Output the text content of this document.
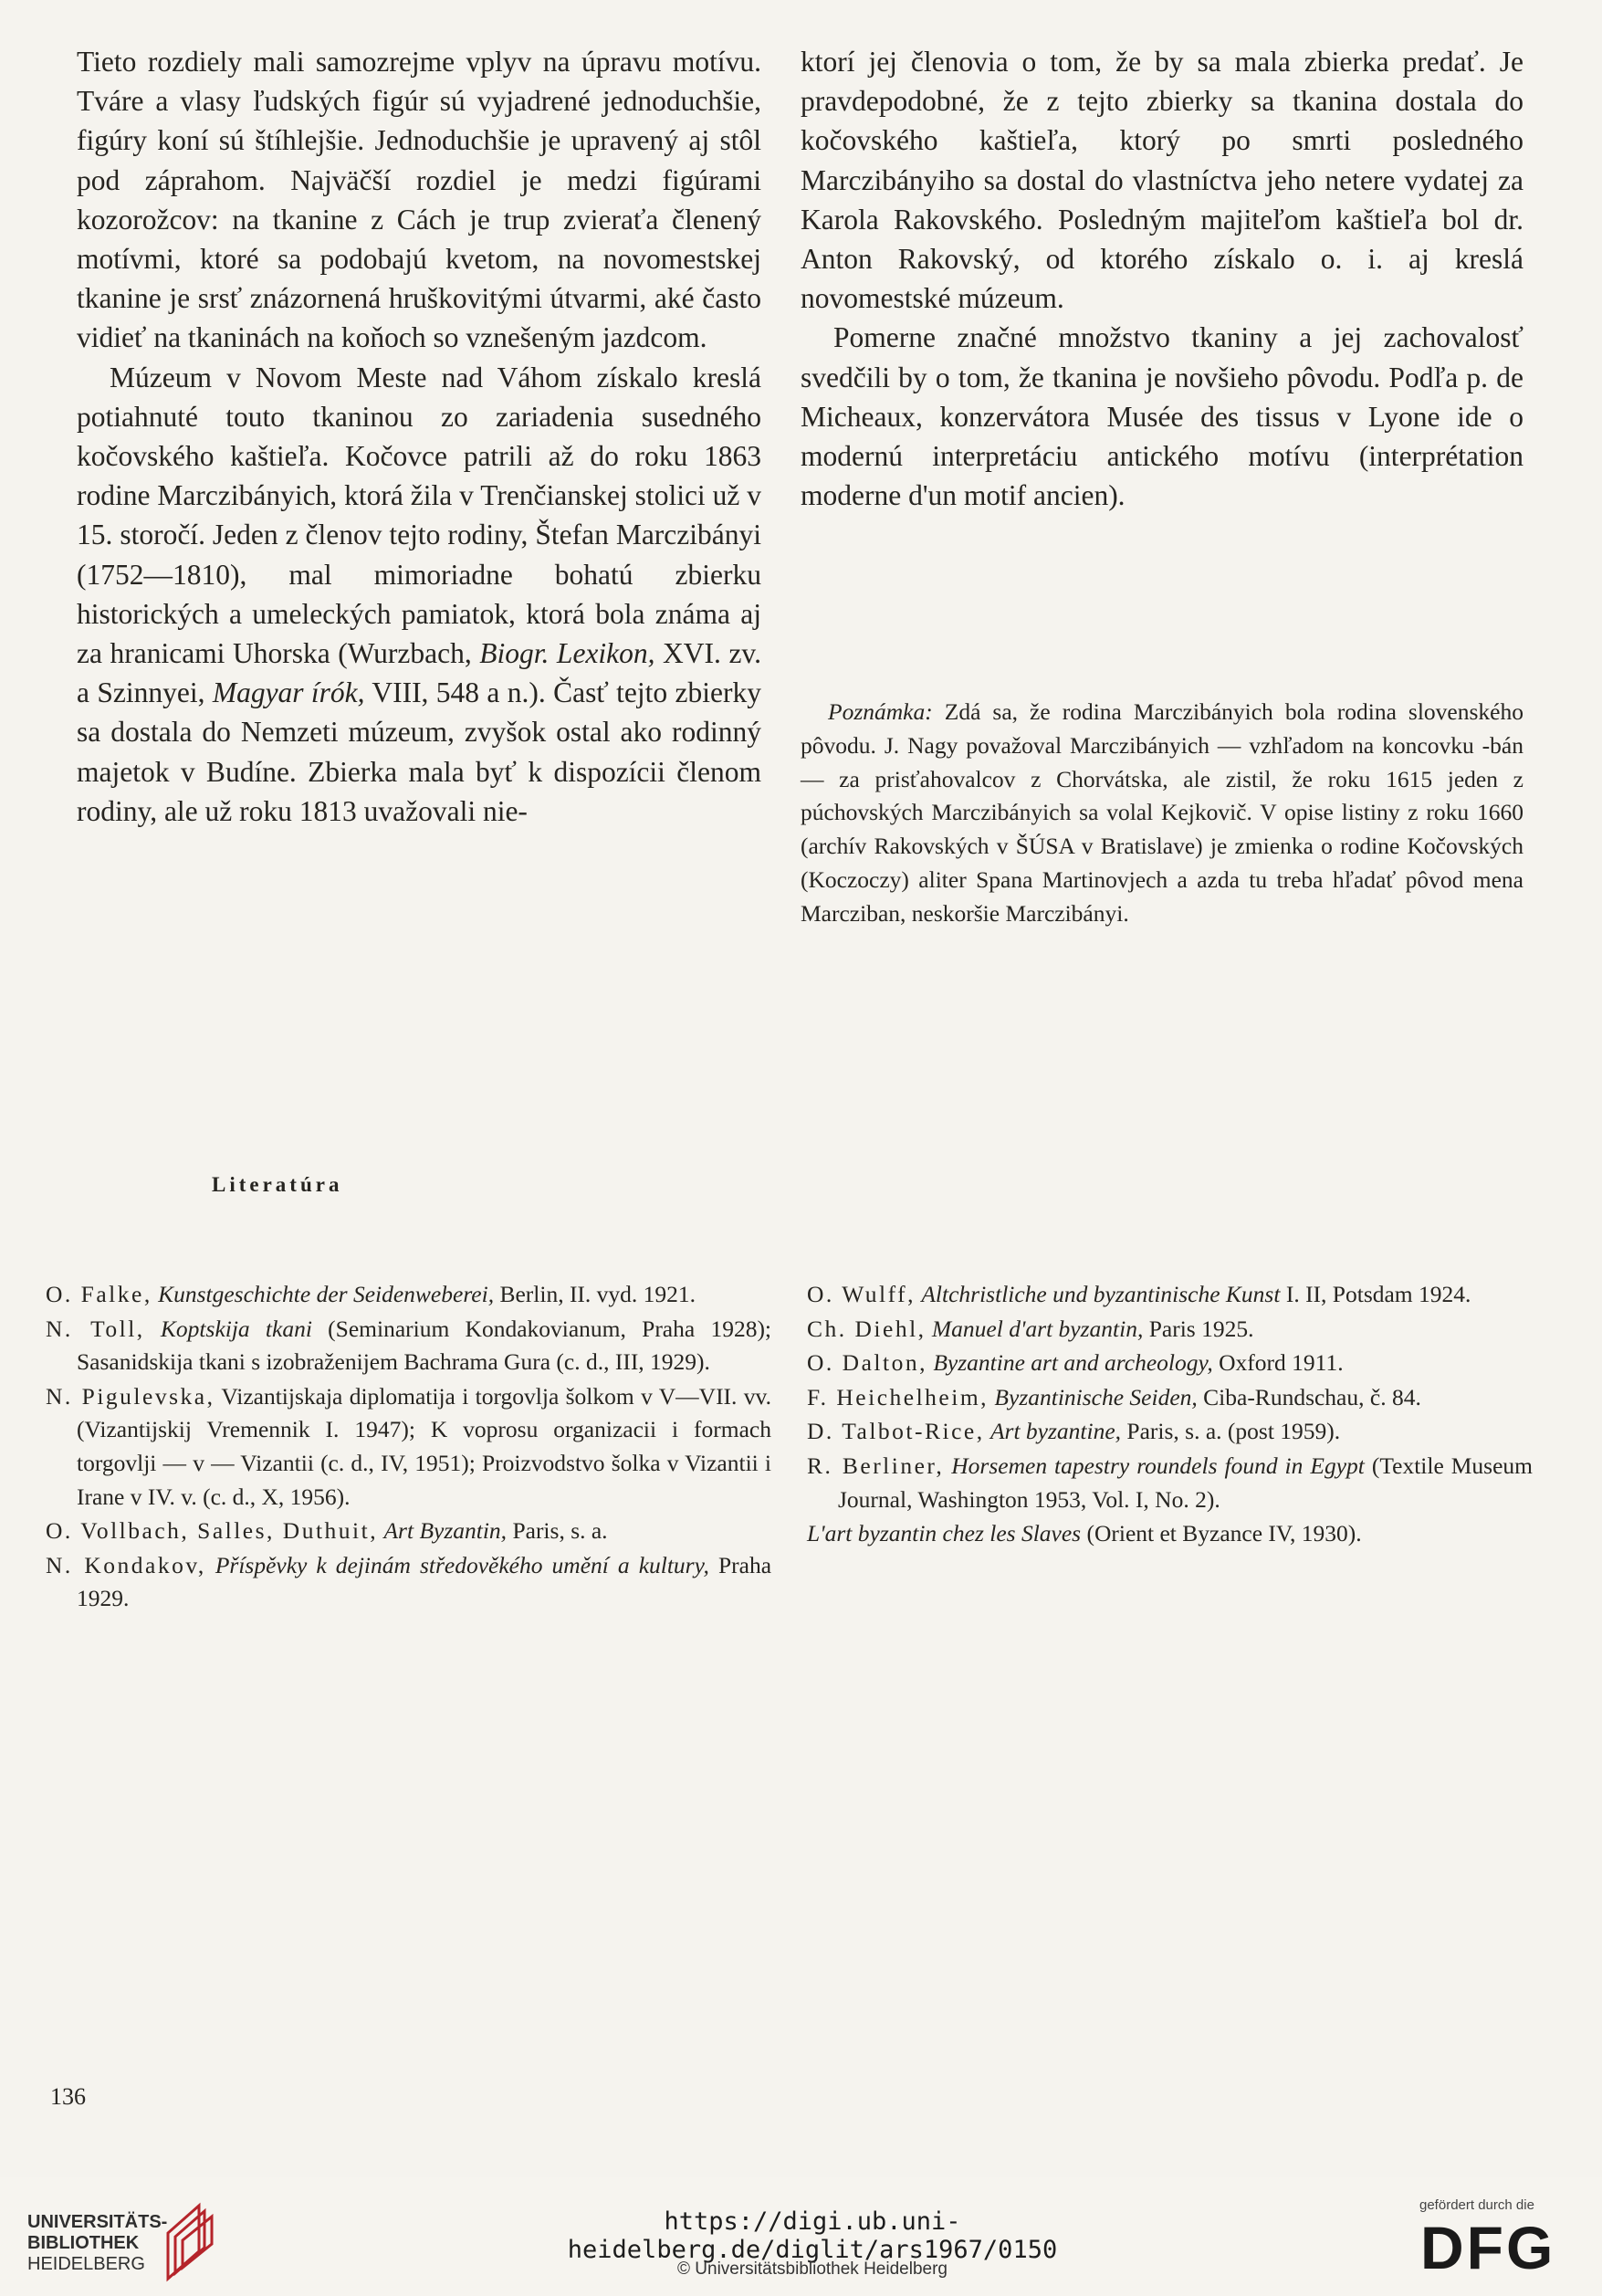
Tieto rozdiely mali samozrejme vplyv na úpravu motívu. Tváre a vlasy ľudských figúr sú vyjadrené jednoduchšie, figúry koní sú štíhlejšie. Jednoduchšie je upravený aj stôl pod záprahom. Najväčší rozdiel je medzi figúrami kozorožcov: na tkanine z Cách je trup zvieraťa členený motívmi, ktoré sa podobajú kvetom, na novomestskej tkanine je srsť znázornená hruškovitými útvarmi, aké často vidieť na tkaninách na koňoch so vznešeným jazdcom.

Múzeum v Novom Meste nad Váhom získalo kreslá potiahnuté touto tkaninou zo zariadenia susedného kočovského kaštieľa. Kočovce patrili až do roku 1863 rodine Marczibányich, ktorá žila v Trenčianskej stolici už v 15. storočí. Jeden z členov tejto rodiny, Štefan Marczibányi (1752—1810), mal mimoriadne bohatú zbierku historických a umeleckých pamiatok, ktorá bola známa aj za hranicami Uhorska (Wurzbach, Biogr. Lexikon, XVI. zv. a Szinnyei, Magyar írók, VIII, 548 a n.). Časť tejto zbierky sa dostala do Nemzeti múzeum, zvyšok ostal ako rodinný majetok v Budíne. Zbierka mala byť k dispozícii členom rodiny, ale už roku 1813 uvažovali nie-

ktorí jej členovia o tom, že by sa mala zbierka predať. Je pravdepodobné, že z tejto zbierky sa tkanina dostala do kočovského kaštieľa, ktorý po smrti posledného Marczibányiho sa dostal do vlastníctva jeho netere vydatej za Karola Rakovského. Posledným majiteľom kaštieľa bol dr. Anton Rakovský, od ktorého získalo o. i. aj kreslá novomestské múzeum.

Pomerne značné množstvo tkaniny a jej zachovalosť svedčili by o tom, že tkanina je novšieho pôvodu. Podľa p. de Micheaux, konzervátora Musée des tissus v Lyone ide o modernú interpretáciu antického motívu (interprétation moderne d'un motif ancien).

Poznámka: Zdá sa, že rodina Marczibányich bola rodina slovenského pôvodu. J. Nagy považoval Marczibányich — vzhľadom na koncovku -bán — za prisťahovalcov z Chorvátska, ale zistil, že roku 1615 jeden z púchovských Marczibányich sa volal Kejkovič. V opise listiny z roku 1660 (archív Rakovských v ŠÚSA v Bratislave) je zmienka o rodine Kočovských (Koczoczy) aliter Spana Martinovjech a azda tu treba hľadať pôvod mena Marcziban, neskoršie Marczibányi.

Literatúra

O. Falke, Kunstgeschichte der Seidenweberei, Berlin, II. vyd. 1921.

N. Toll, Koptskija tkani (Seminarium Kondakovianum, Praha 1928); Sasanidskija tkani s izobraženijem Bachrama Gura (c. d., III, 1929).

N. Pigulevska, Vizantijskaja diplomatija i torgovlja šolkom v V—VII. vv. (Vizantijskij Vremennik I. 1947); K voprosu organizacii i formach torgovlji — v — Vizantii (c. d., IV, 1951); Proizvodstvo šolka v Vizantii i Irane v IV. v. (c. d., X, 1956).

O. Vollbach, Salles, Duthuit, Art Byzantin, Paris, s. a.

N. Kondakov, Příspěvky k dejinám středověkého umění a kultury, Praha 1929.

O. Wulff, Altchristliche und byzantinische Kunst I. II, Potsdam 1924.

Ch. Diehl, Manuel d'art byzantin, Paris 1925.

O. Dalton, Byzantine art and archeology, Oxford 1911.

F. Heichelheim, Byzantinische Seiden, Ciba-Rundschau, č. 84.

D. Talbot-Rice, Art byzantine, Paris, s. a. (post 1959).

R. Berliner, Horsemen tapestry roundels found in Egypt (Textile Museum Journal, Washington 1953, Vol. I, No. 2).

L'art byzantin chez les Slaves (Orient et Byzance IV, 1930).

136
UNIVERSITÄTS-
BIBLIOTHEK
HEIDELBERG
https://digi.ub.uni-heidelberg.de/diglit/ars1967/0150
© Universitätsbibliothek Heidelberg
gefördert durch die
DFG
